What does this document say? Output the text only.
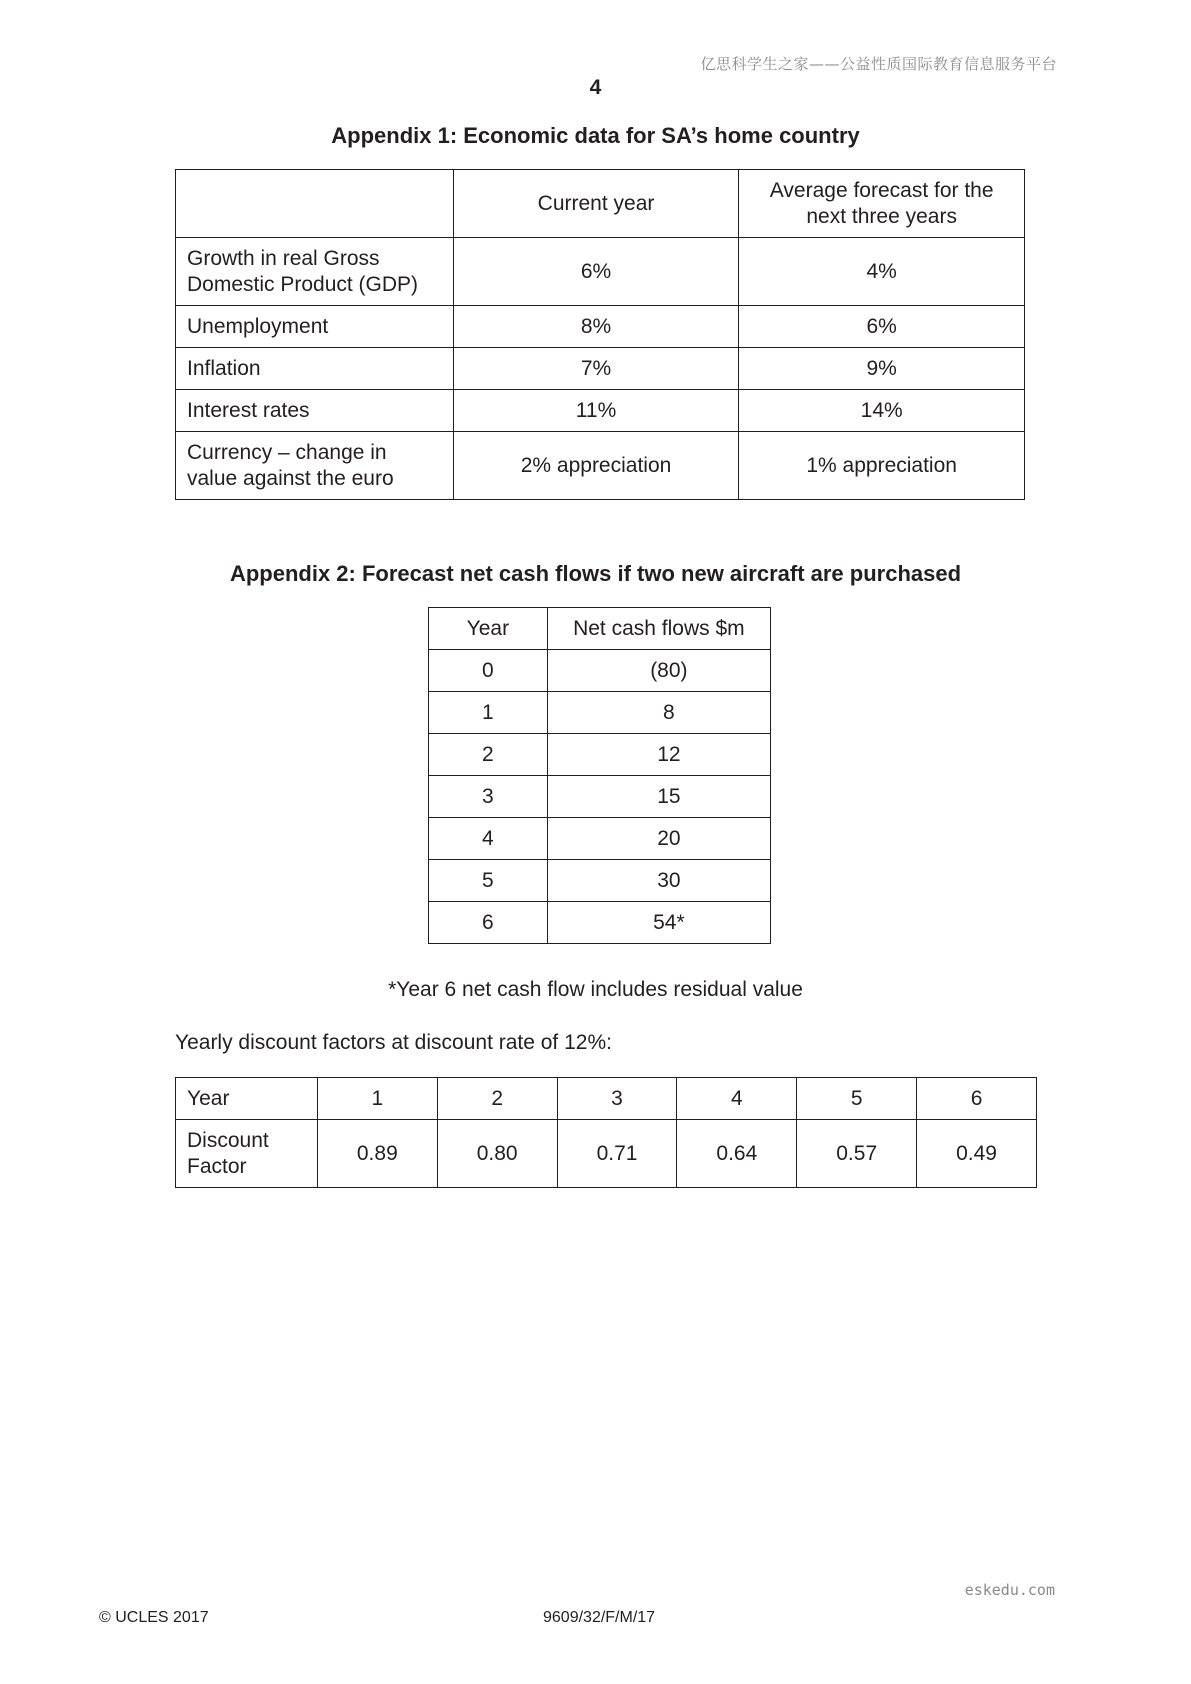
亿思科学生之家——公益性质国际教育信息服务平台
4
Appendix 1: Economic data for SA’s home country
	Current year	Average forecast for the next three years
Growth in real Gross Domestic Product (GDP)	6%	4%
Unemployment	8%	6%
Inflation	7%	9%
Interest rates	11%	14%
Currency – change in value against the euro	2% appreciation	1% appreciation
Appendix 2: Forecast net cash flows if two new aircraft are purchased
Year	Net cash flows $m
0	(80)
1	8
2	12
3	15
4	20
5	30
6	54*
*Year 6 net cash flow includes residual value
Yearly discount factors at discount rate of 12%:
Year	1	2	3	4	5	6
Discount Factor	0.89	0.80	0.71	0.64	0.57	0.49
eskedu.com
© UCLES 2017	9609/32/F/M/17
